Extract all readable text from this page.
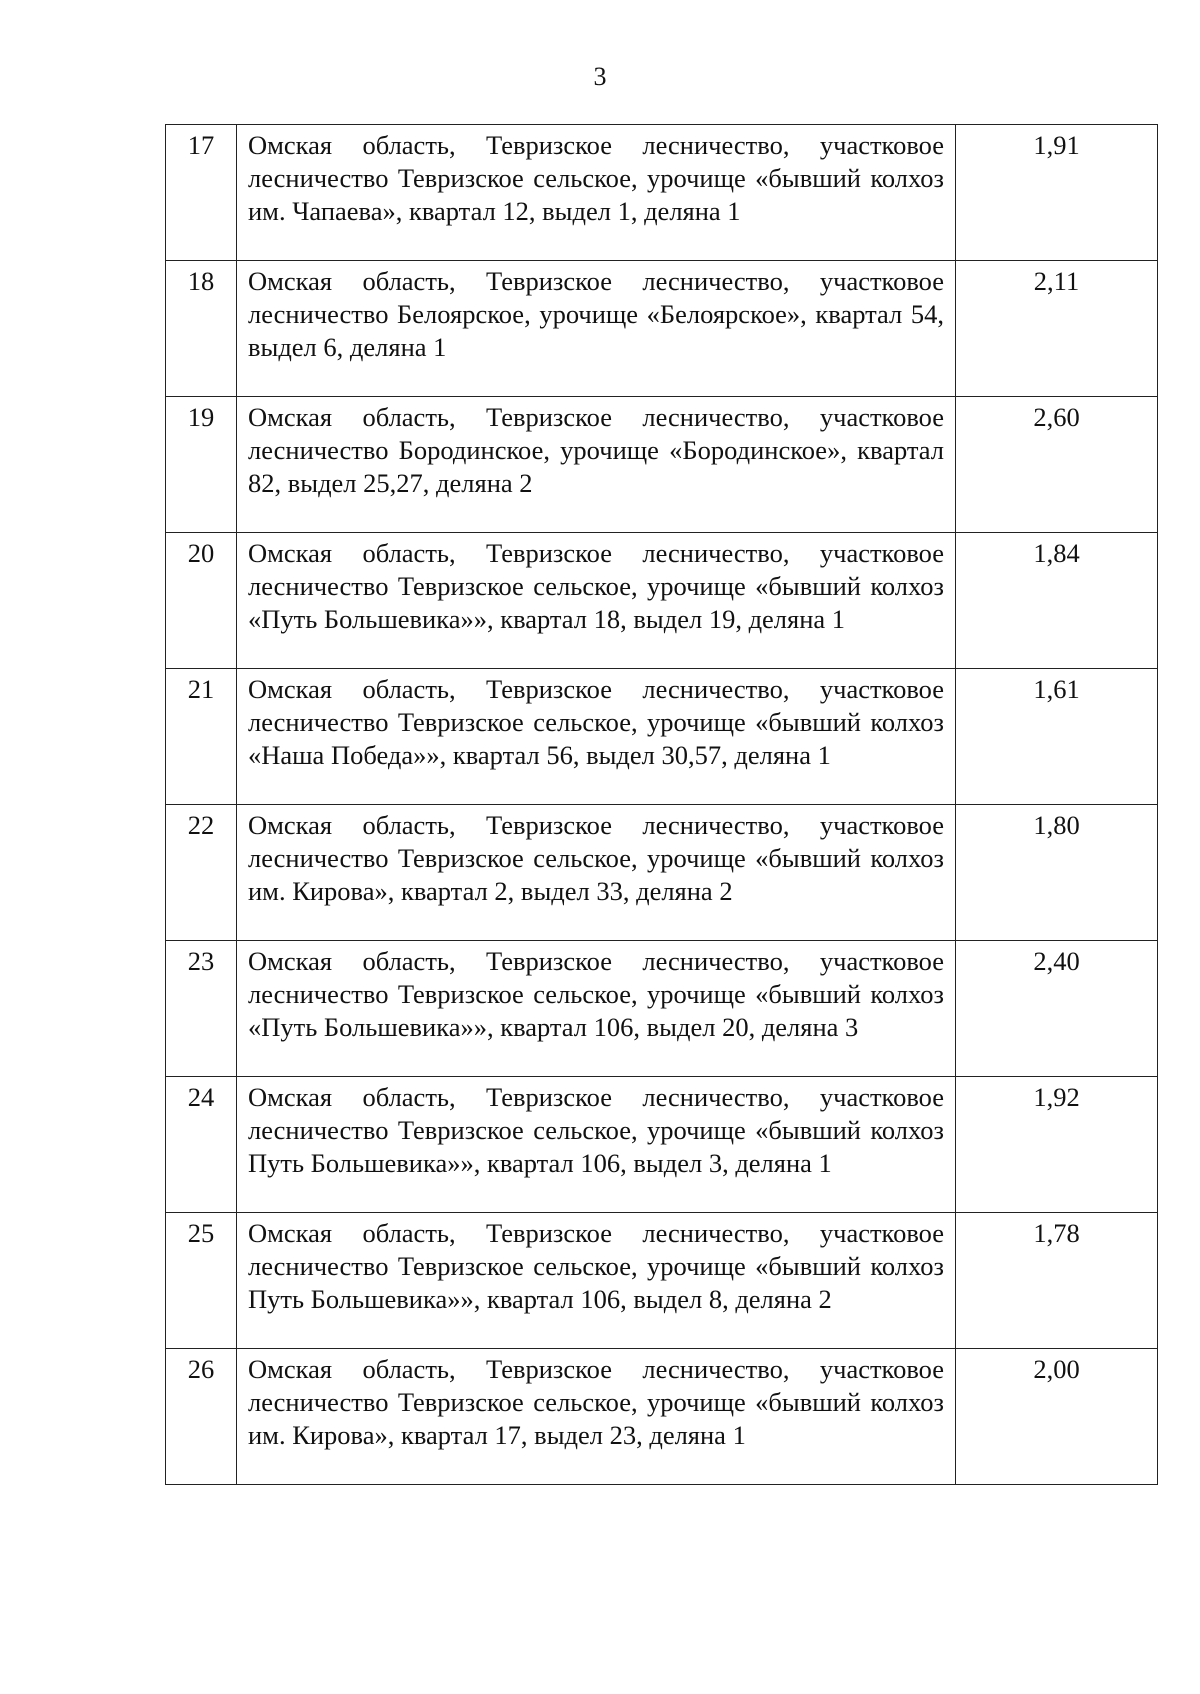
3
17	Омская область, Тевризское лесничество, участковое лесничество Тевризское сельское, урочище «бывший колхоз им. Чапаева», квартал 12, выдел 1, деляна 1	1,91
18	Омская область, Тевризское лесничество, участковое лесничество Белоярское, урочище «Белоярское», квартал 54, выдел 6, деляна 1	2,11
19	Омская область, Тевризское лесничество, участковое лесничество Бородинское, урочище «Бородинское», квартал 82, выдел 25,27, деляна 2	2,60
20	Омская область, Тевризское лесничество, участковое лесничество Тевризское сельское, урочище «бывший колхоз «Путь Большевика»», квартал 18, выдел 19, деляна 1	1,84
21	Омская область, Тевризское лесничество, участковое лесничество Тевризское сельское, урочище «бывший колхоз «Наша Победа»», квартал 56, выдел 30,57, деляна 1	1,61
22	Омская область, Тевризское лесничество, участковое лесничество Тевризское сельское, урочище «бывший колхоз им. Кирова», квартал 2, выдел 33, деляна 2	1,80
23	Омская область, Тевризское лесничество, участковое лесничество Тевризское сельское, урочище «бывший колхоз «Путь Большевика»», квартал 106, выдел 20, деляна 3	2,40
24	Омская область, Тевризское лесничество, участковое лесничество Тевризское сельское, урочище «бывший колхоз Путь Большевика»», квартал 106, выдел 3, деляна 1	1,92
25	Омская область, Тевризское лесничество, участковое лесничество Тевризское сельское, урочище «бывший колхоз Путь Большевика»», квартал 106, выдел 8, деляна 2	1,78
26	Омская область, Тевризское лесничество, участковое лесничество Тевризское сельское, урочище «бывший колхоз им. Кирова», квартал 17, выдел 23, деляна 1	2,00
